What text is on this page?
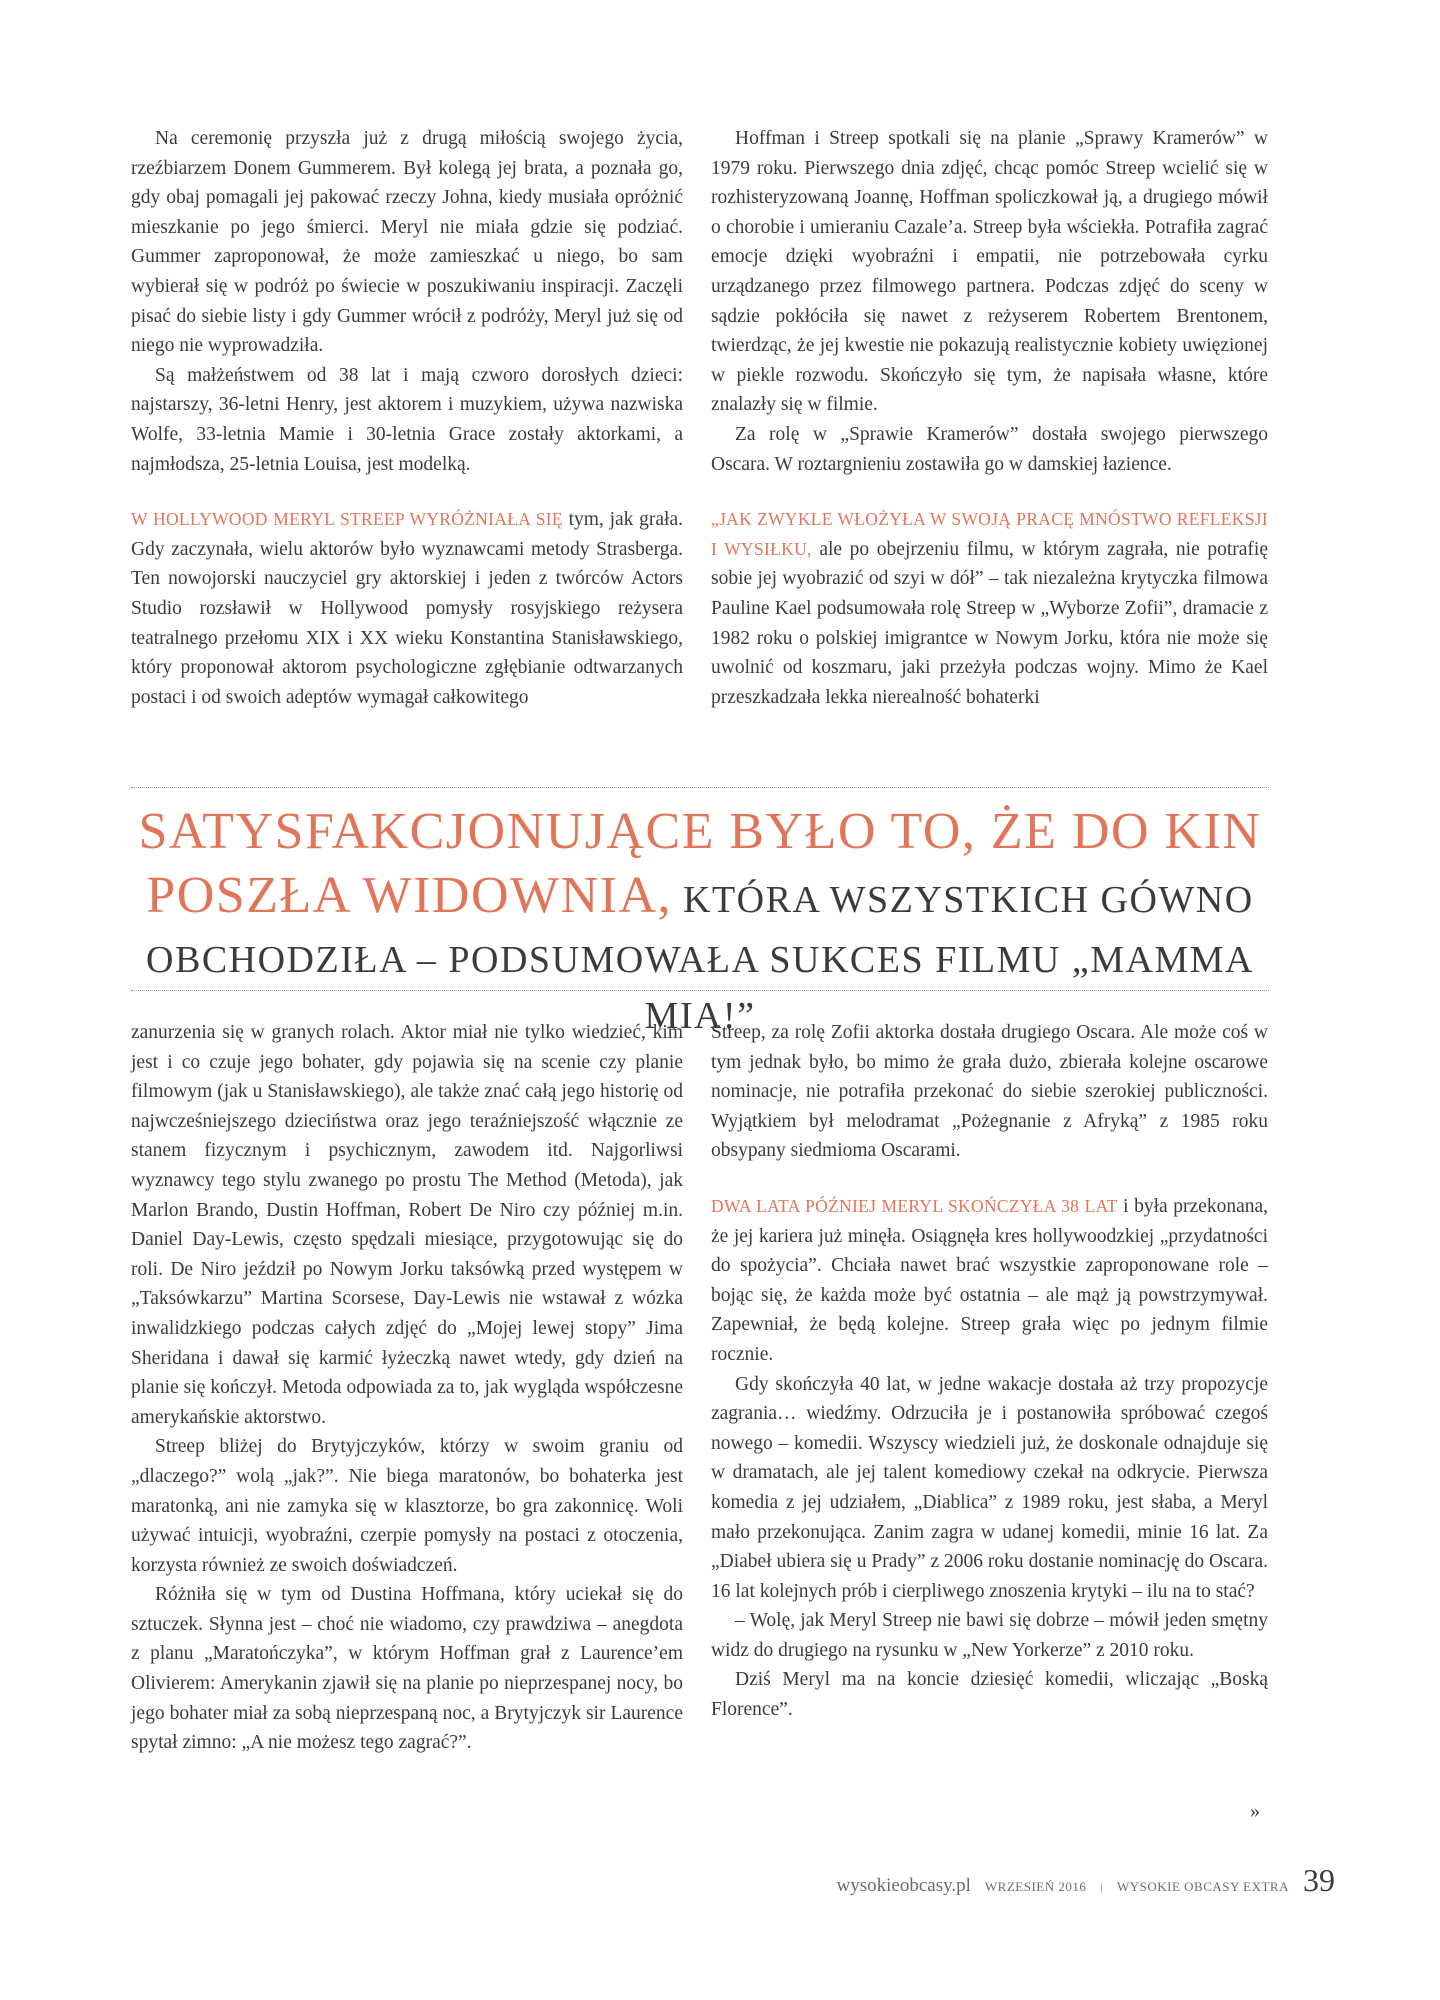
Na ceremonię przyszła już z drugą miłością swojego życia, rzeźbiarzem Donem Gummerem. Był kolegą jej brata, a poznała go, gdy obaj pomagali jej pakować rzeczy Johna, kiedy musiała opróżnić mieszkanie po jego śmierci. Meryl nie miała gdzie się podziać. Gummer zaproponował, że może zamieszkać u niego, bo sam wybierał się w podróż po świecie w poszukiwaniu inspiracji. Zaczęli pisać do siebie listy i gdy Gummer wrócił z podróży, Meryl już się od niego nie wyprowadziła.

Są małżeństwem od 38 lat i mają czworo dorosłych dzieci: najstarszy, 36-letni Henry, jest aktorem i muzykiem, używa nazwiska Wolfe, 33-letnia Mamie i 30-letnia Grace zostały aktorkami, a najmłodsza, 25-letnia Louisa, jest modelką.

W HOLLYWOOD MERYL STREEP WYRÓŻNIAŁA SIĘ tym, jak grała. Gdy zaczynała, wielu aktorów było wyznawcami metody Strasberga. Ten nowojorski nauczyciel gry aktorskiej i jeden z twórców Actors Studio rozsławił w Hollywood pomysły rosyjskiego reżysera teatralnego przełomu XIX i XX wieku Konstantina Stanisławskiego, który proponował aktorom psychologiczne zgłębianie odtwarzanych postaci i od swoich adeptów wymagał całkowitego

Hoffman i Streep spotkali się na planie „Sprawy Kramerów” w 1979 roku. Pierwszego dnia zdjęć, chcąc pomóc Streep wcielić się w rozhisteryzowaną Joannę, Hoffman spoliczkował ją, a drugiego mówił o chorobie i umieraniu Cazale’a. Streep była wściekła. Potrafiła zagrać emocje dzięki wyobraźni i empatii, nie potrzebowała cyrku urządzanego przez filmowego partnera. Podczas zdjęć do sceny w sądzie pokłóciła się nawet z reżyserem Robertem Brentonem, twierdząc, że jej kwestie nie pokazują realistycznie kobiety uwięzionej w piekle rozwodu. Skończyło się tym, że napisała własne, które znalazły się w filmie.

Za rolę w „Sprawie Kramerów” dostała swojego pierwszego Oscara. W roztargnieniu zostawiła go w damskiej łazience.

„JAK ZWYKLE WŁOŻYŁA W SWOJĄ PRACĘ MNÓSTWO REFLEKSJI I WYSIŁKU, ale po obejrzeniu filmu, w którym zagrała, nie potrafię sobie jej wyobrazić od szyi w dół” – tak niezależna krytyczka filmowa Pauline Kael podsumowała rolę Streep w „Wyborze Zofii”, dramacie z 1982 roku o polskiej imigrantce w Nowym Jorku, która nie może się uwolnić od koszmaru, jaki przeżyła podczas wojny. Mimo że Kael przeszkadzała lekka nierealność bohaterki

SATYSFAKCJONUJĄCE BYŁO TO, ŻE DO KIN
POSZŁA WIDOWNIA, KTÓRA WSZYSTKICH GÓWNO
OBCHODZIŁA – PODSUMOWAŁA SUKCES FILMU „MAMMA MIA!”

zanurzenia się w granych rolach. Aktor miał nie tylko wiedzieć, kim jest i co czuje jego bohater, gdy pojawia się na scenie czy planie filmowym (jak u Stanisławskiego), ale także znać całą jego historię od najwcześniejszego dzieciństwa oraz jego teraźniejszość włącznie ze stanem fizycznym i psychicznym, zawodem itd. Najgorliwsi wyznawcy tego stylu zwanego po prostu The Method (Metoda), jak Marlon Brando, Dustin Hoffman, Robert De Niro czy później m.in. Daniel Day-Lewis, często spędzali miesiące, przygotowując się do roli. De Niro jeździł po Nowym Jorku taksówką przed występem w „Taksówkarzu” Martina Scorsese, Day-Lewis nie wstawał z wózka inwalidzkiego podczas całych zdjęć do „Mojej lewej stopy” Jima Sheridana i dawał się karmić łyżeczką nawet wtedy, gdy dzień na planie się kończył. Metoda odpowiada za to, jak wygląda współczesne amerykańskie aktorstwo.

Streep bliżej do Brytyjczyków, którzy w swoim graniu od „dlaczego?” wolą „jak?”. Nie biega maratonów, bo bohaterka jest maratonką, ani nie zamyka się w klasztorze, bo gra zakonnicę. Woli używać intuicji, wyobraźni, czerpie pomysły na postaci z otoczenia, korzysta również ze swoich doświadczeń.

Różniła się w tym od Dustina Hoffmana, który uciekał się do sztuczek. Słynna jest – choć nie wiadomo, czy prawdziwa – anegdota z planu „Maratończyka”, w którym Hoffman grał z Laurence’em Olivierem: Amerykanin zjawił się na planie po nieprzespanej nocy, bo jego bohater miał za sobą nieprzespaną noc, a Brytyjczyk sir Laurence spytał zimno: „A nie możesz tego zagrać?”.

Streep, za rolę Zofii aktorka dostała drugiego Oscara. Ale może coś w tym jednak było, bo mimo że grała dużo, zbierała kolejne oscarowe nominacje, nie potrafiła przekonać do siebie szerokiej publiczności. Wyjątkiem był melodramat „Pożegnanie z Afryką” z 1985 roku obsypany siedmioma Oscarami.

DWA LATA PÓŹNIEJ MERYL SKOŃCZYŁA 38 LAT i była przekonana, że jej kariera już minęła. Osiągnęła kres hollywoodzkiej „przydatności do spożycia”. Chciała nawet brać wszystkie zaproponowane role – bojąc się, że każda może być ostatnia – ale mąż ją powstrzymywał. Zapewniał, że będą kolejne. Streep grała więc po jednym filmie rocznie.

Gdy skończyła 40 lat, w jedne wakacje dostała aż trzy propozycje zagrania… wiedźmy. Odrzuciła je i postanowiła spróbować czegoś nowego – komedii. Wszyscy wiedzieli już, że doskonale odnajduje się w dramatach, ale jej talent komediowy czekał na odkrycie. Pierwsza komedia z jej udziałem, „Diablica” z 1989 roku, jest słaba, a Meryl mało przekonująca. Zanim zagra w udanej komedii, minie 16 lat. Za „Diabeł ubiera się u Prady” z 2006 roku dostanie nominację do Oscara. 16 lat kolejnych prób i cierpliwego znoszenia krytyki – ilu na to stać?

– Wolę, jak Meryl Streep nie bawi się dobrze – mówił jeden smętny widz do drugiego na rysunku w „New Yorkerze” z 2010 roku.

Dziś Meryl ma na koncie dziesięć komedii, wliczając „Boską Florence”.

»
wysokieobcasy.pl WRZESIEŃ 2016 | WYSOKIE OBCASY EXTRA 39
